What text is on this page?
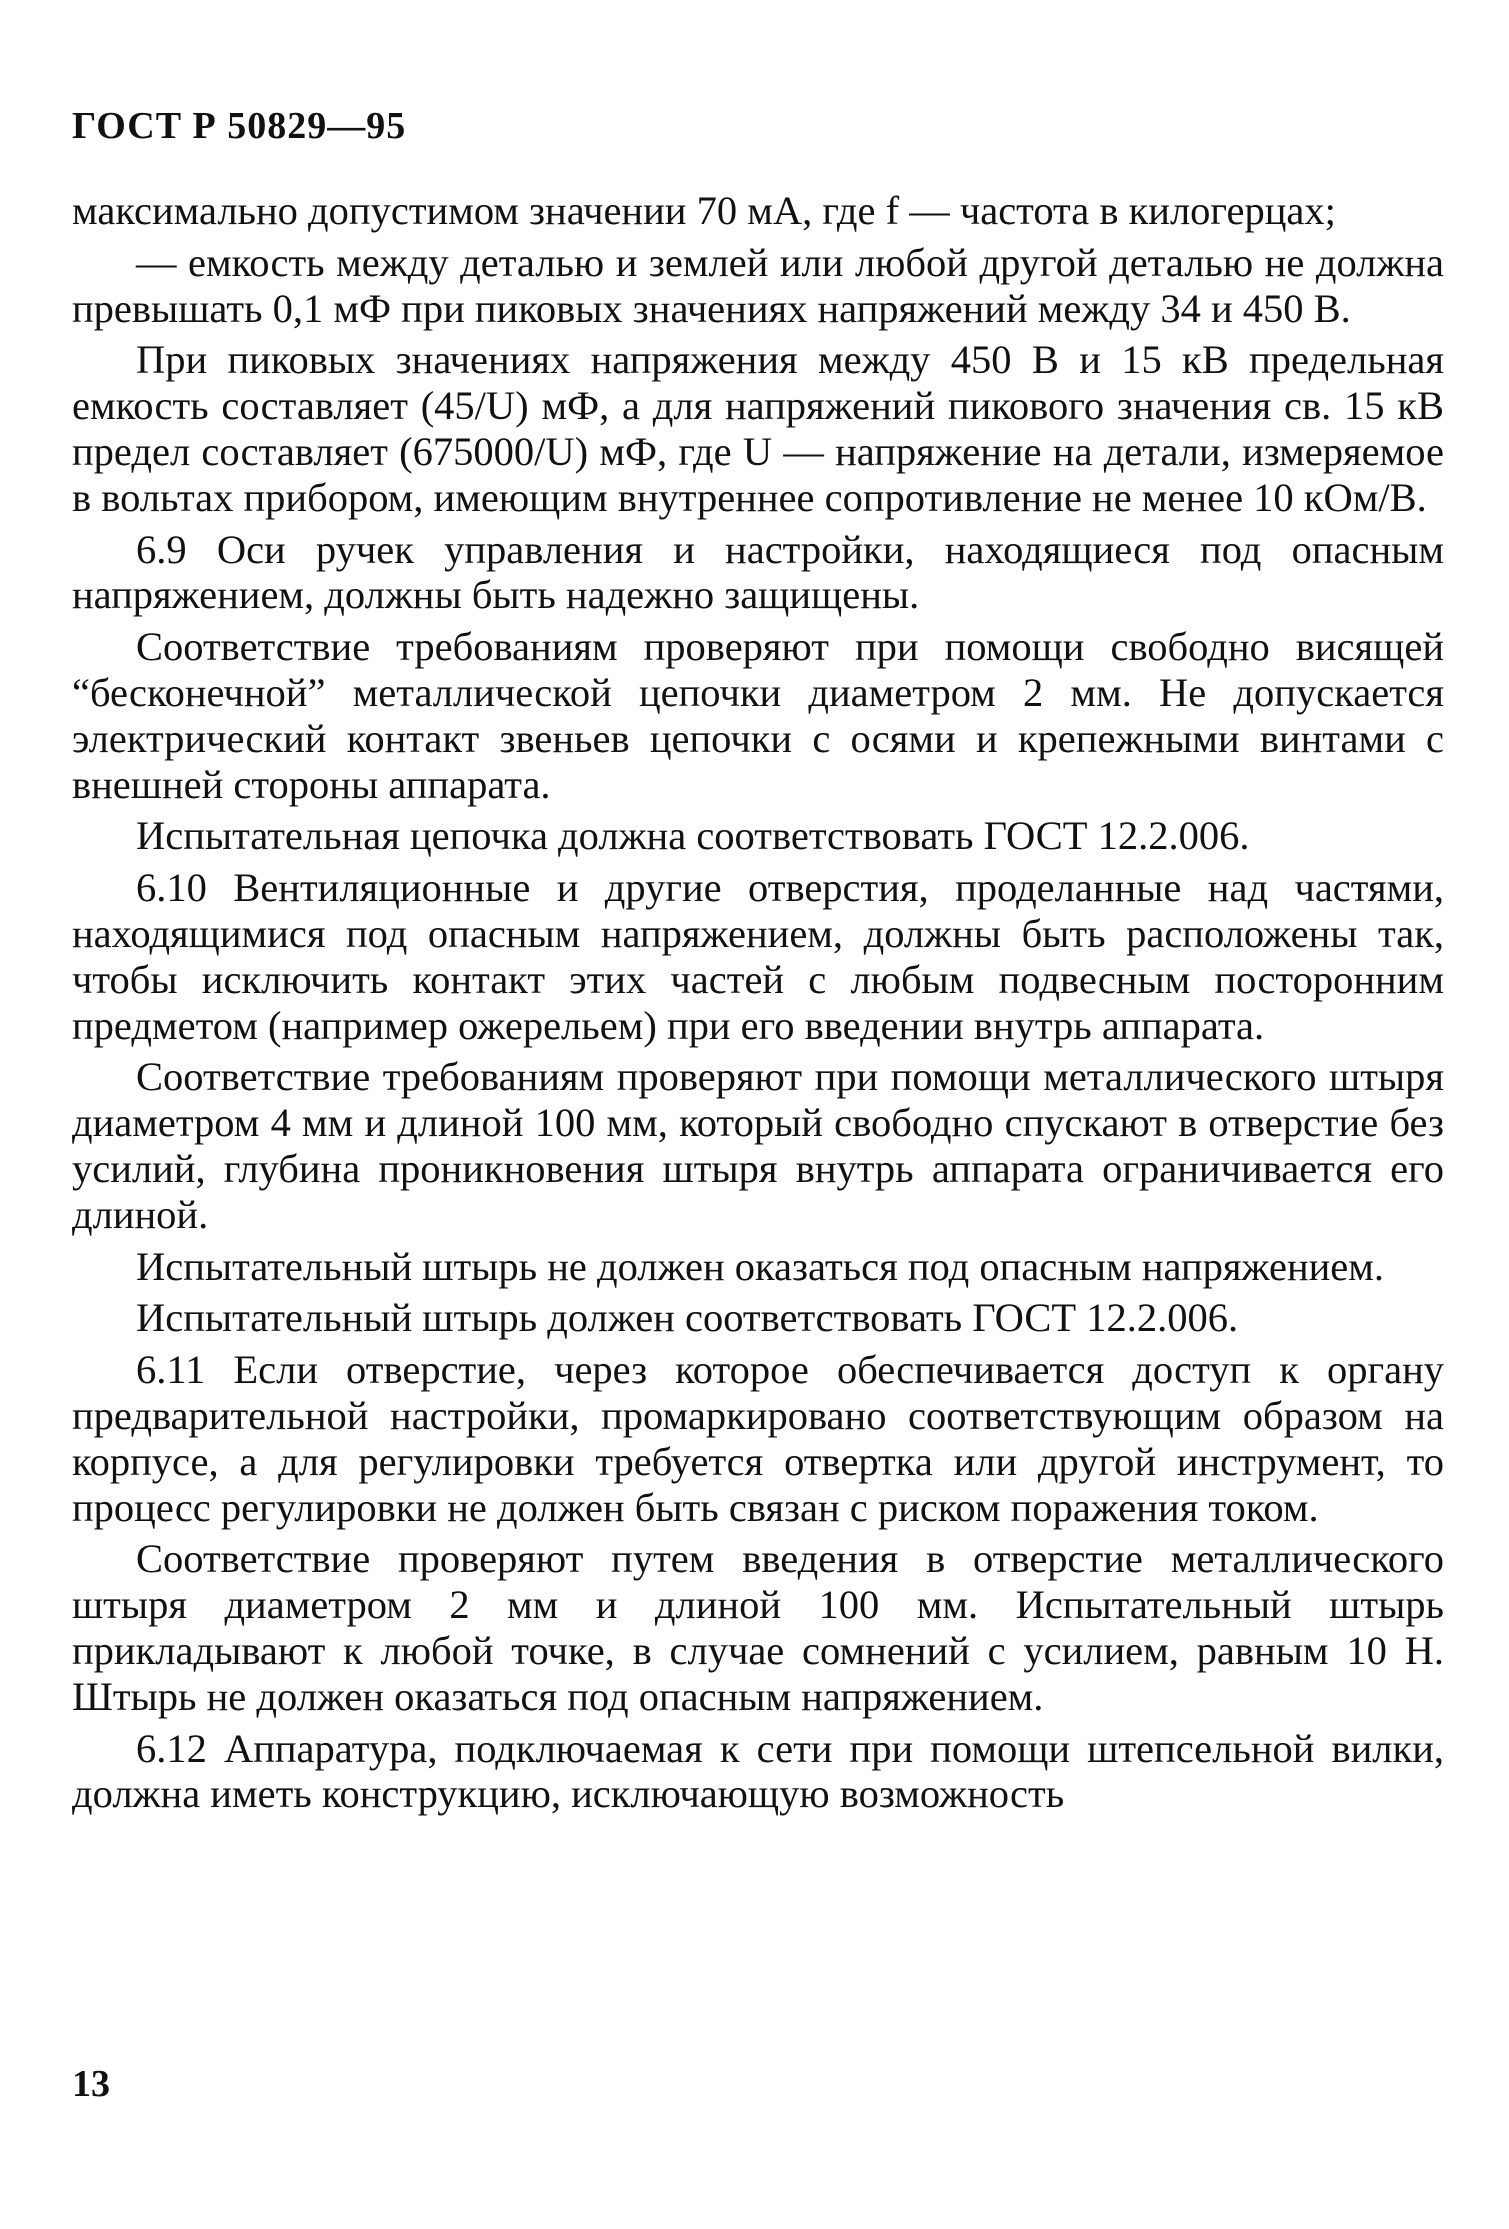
ГОСТ Р 50829—95

максимально допустимом значении 70 мА, где f — частота в килогерцах;

— емкость между деталью и землей или любой другой деталью не должна превышать 0,1 мФ при пиковых значениях напряжений между 34 и 450 В.

При пиковых значениях напряжения между 450 В и 15 кВ предельная емкость составляет (45/U) мФ, а для напряжений пикового значения св. 15 кВ предел составляет (675000/U) мФ, где U — напряжение на детали, измеряемое в вольтах прибором, имеющим внутреннее сопротивление не менее 10 кОм/В.

6.9 Оси ручек управления и настройки, находящиеся под опасным напряжением, должны быть надежно защищены.

Соответствие требованиям проверяют при помощи свободно висящей “бесконечной” металлической цепочки диаметром 2 мм. Не допускается электрический контакт звеньев цепочки с осями и крепежными винтами с внешней стороны аппарата.

Испытательная цепочка должна соответствовать ГОСТ 12.2.006.

6.10 Вентиляционные и другие отверстия, проделанные над частями, находящимися под опасным напряжением, должны быть расположены так, чтобы исключить контакт этих частей с любым подвесным посторонним предметом (например ожерельем) при его введении внутрь аппарата.

Соответствие требованиям проверяют при помощи металлического штыря диаметром 4 мм и длиной 100 мм, который свободно спускают в отверстие без усилий, глубина проникновения штыря внутрь аппарата ограничивается его длиной.

Испытательный штырь не должен оказаться под опасным напряжением.

Испытательный штырь должен соответствовать ГОСТ 12.2.006.

6.11 Если отверстие, через которое обеспечивается доступ к органу предварительной настройки, промаркировано соответствующим образом на корпусе, а для регулировки требуется отвертка или другой инструмент, то процесс регулировки не должен быть связан с риском поражения током.

Соответствие проверяют путем введения в отверстие металлического штыря диаметром 2 мм и длиной 100 мм. Испытательный штырь прикладывают к любой точке, в случае сомнений с усилием, равным 10 Н. Штырь не должен оказаться под опасным напряжением.

6.12 Аппаратура, подключаемая к сети при помощи штепсельной вилки, должна иметь конструкцию, исключающую возможность

13
